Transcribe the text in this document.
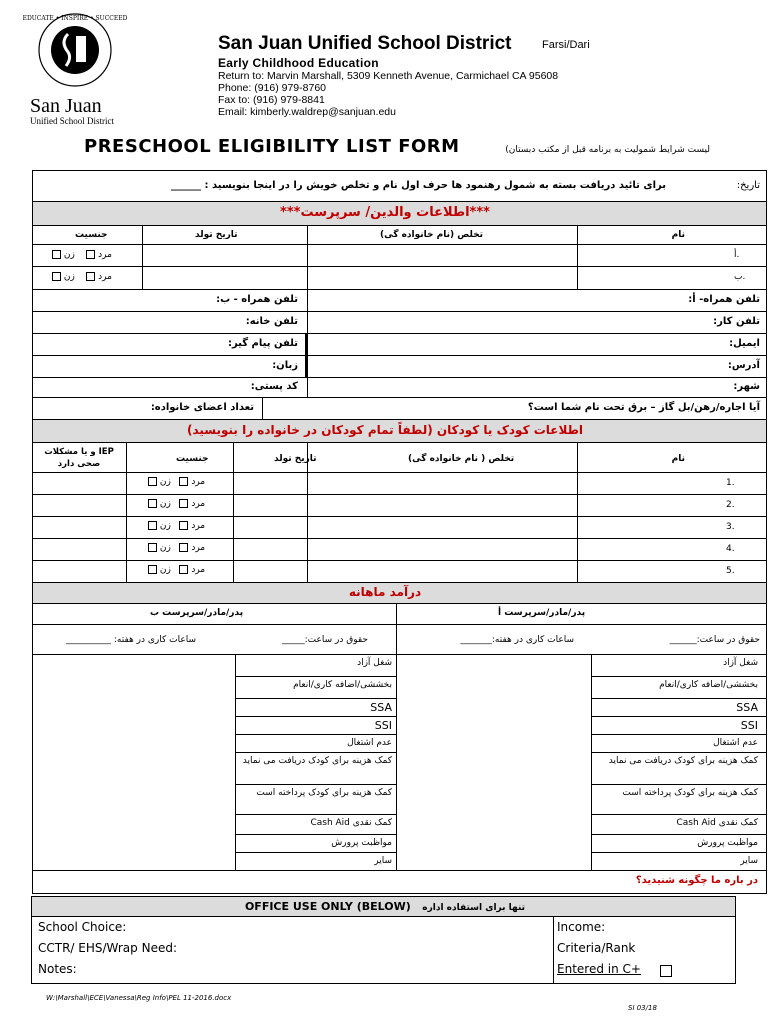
EDUCATE • INSPIRE • SUCCEED
San Juan
Unified School District
San Juan Unified School District	Farsi/Dari
Early Childhood Education
Return to: Marvin Marshall, 5309 Kenneth Avenue, Carmichael CA 95608
Phone: (916) 979-8760
Fax to: (916) 979-8841
Email: kimberly.waldrep@sanjuan.edu
PRESCHOOL ELIGIBILITY LIST FORM	لیست شرایط شمولیت به برنامه قبل از مکتب دبستان)
تاریخ:
برای تائید دریافت بسته به شمول رهنمود ها حرف اول نام و تخلص خویش را در اینجا بنویسید : ______
***اطلاعات والدین/ سرپرست***
نام
تخلص (نام خانواده گی)
تاریخ تولد
جنسیت
أ.
ب.
مرد     زن
مرد     زن
تلفن همراه- أ:
تلفن همراه - ب:
تلفن کار:
تلفن خانه:
ایمیل:
تلفن پیام گیر:
آدرس:
زبان:
شهر:
کد پستی:
آیا اجاره/رهن/بل گاز – برق تحت نام شما است؟
تعداد اعضای خانواده:
اطلاعات کودک یا کودکان (لطفاً تمام کودکان در خانواده را بنویسید)
نام
تخلص ( نام خانواده گی)
تاریخ تولد
جنسیت
IEP و یا مشکلات صحی دارد
1.
مرد    زن
2.
مرد    زن
3.
مرد    زن
4.
مرد    زن
5.
مرد    زن
درآمد ماهانه
پدر/مادر/سرپرست أ
پدر/مادر/سرپرست ب
حقوق در ساعت:______
ساعات کاری در هفته:_______
حقوق در ساعت:_____
ساعات کاری در هفته: __________
شغل آزاد
شغل آزاد
بخششی/اضافه کاری/انعام
بخششی/اضافه کاری/انعام
SSA
SSA
SSI
SSI
عدم اشتغال
عدم اشتغال
کمک هزینه برای کودک دریافت می نماید
کمک هزینه برای کودک دریافت می نماید
کمک هزینه برای کودک پرداخته است
کمک هزینه برای کودک پرداخته است
کمک نقدی Cash Aid
کمک نقدی Cash Aid
مواظبت پرورش
مواظبت پرورش
سایر
سایر
در باره ما چگونه شنیدید؟
OFFICE USE ONLY (BELOW) تنها برای استفاده اداره
School Choice:
CCTR/ EHS/Wrap Need:
Notes:
Income:
Criteria/Rank
Entered in C+
W:\Marshall\ECE\Vanessa\Reg Info\PEL 11-2016.docx
SI 03/18
